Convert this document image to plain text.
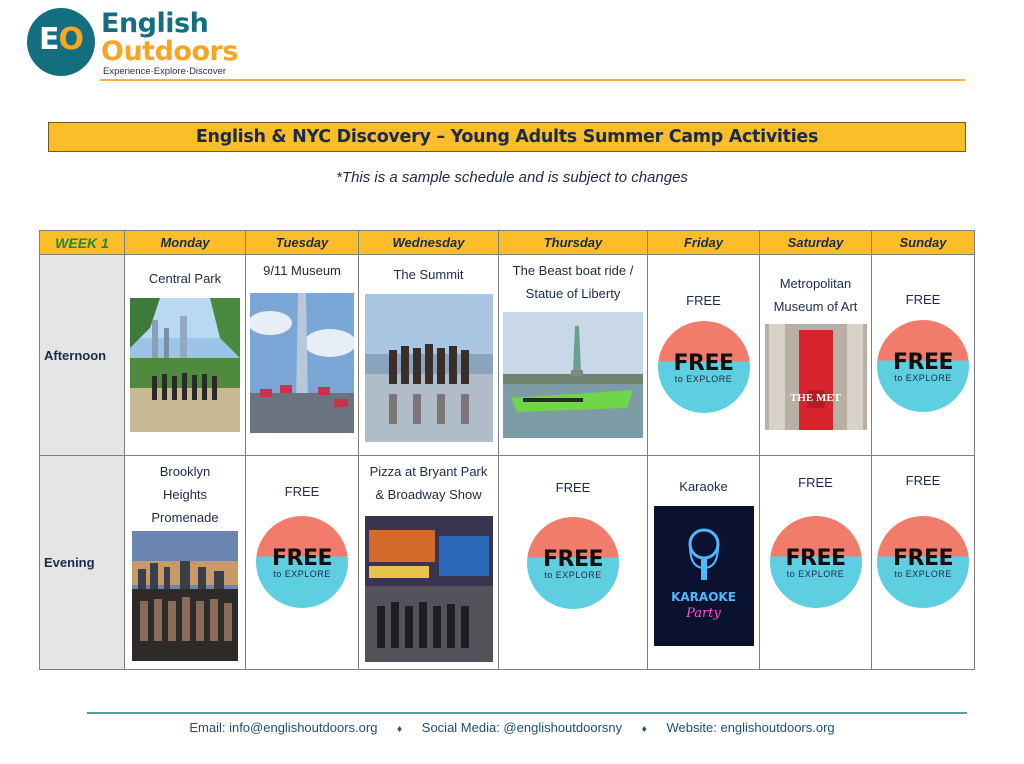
EO English
Outdoors
Experience·Explore·Discover
English & NYC Discovery – Young Adults Summer Camp Activities
*This is a sample schedule and is subject to changes
WEEK 1	Monday	Tuesday	Wednesday	Thursday	Friday	Saturday	Sunday
Afternoon	Central Park	9/11 Museum	The Summit	The Beast boat ride /
Statue of Liberty	FREE
FREE
to EXPLORE	Metropolitan
Museum of Art
THE MET	FREE
FREE
to EXPLORE

Evening	Brooklyn
Heights
Promenade	FREE
FREE
to EXPLORE	Pizza at Bryant Park
& Broadway Show	FREE
FREE
to EXPLORE	Karaoke
KARAOKE
Party	FREE
FREE
to EXPLORE	FREE
FREE
to EXPLORE
Email: info@englishoutdoors.org ♦ Social Media: @englishoutdoorsny ♦ Website: englishoutdoors.org
